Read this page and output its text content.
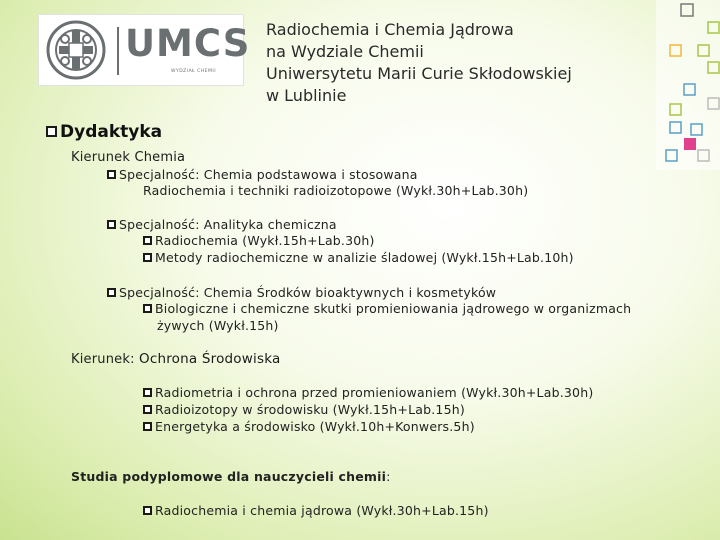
UMCS
WYDZIAŁ CHEMII
Radiochemia i Chemia Jądrowa
na Wydziale Chemii
Uniwersytetu Marii Curie Skłodowskiej
w Lublinie
Dydaktyka
Kierunek Chemia
Specjalność: Chemia podstawowa i stosowana
Radiochemia i techniki radioizotopowe (Wykł.30h+Lab.30h)
Specjalność: Analityka chemiczna
Radiochemia (Wykł.15h+Lab.30h)
Metody radiochemiczne w analizie śladowej (Wykł.15h+Lab.10h)
Specjalność: Chemia Środków bioaktywnych i kosmetyków
Biologiczne i chemiczne skutki promieniowania jądrowego w organizmach
żywych (Wykł.15h)
Kierunek: Ochrona Środowiska
Radiometria i ochrona przed promieniowaniem (Wykł.30h+Lab.30h)
Radioizotopy w środowisku (Wykł.15h+Lab.15h)
Energetyka a środowisko (Wykł.10h+Konwers.5h)
Studia podyplomowe dla nauczycieli chemii:
Radiochemia i chemia jądrowa (Wykł.30h+Lab.15h)
